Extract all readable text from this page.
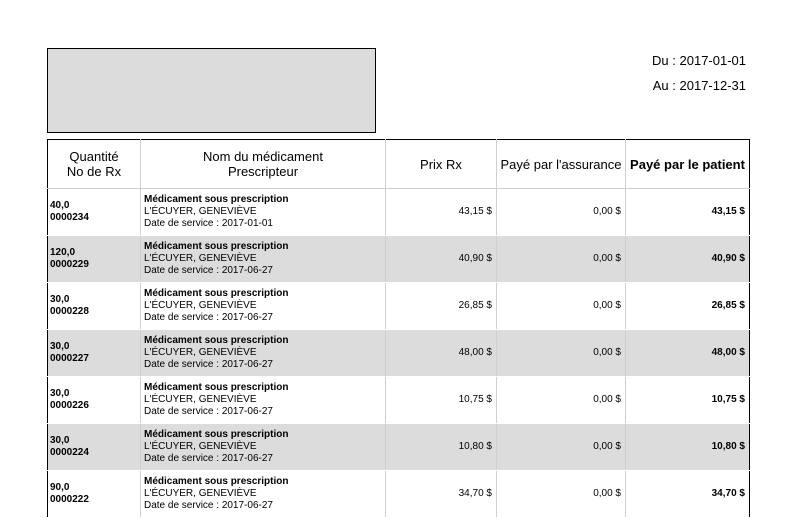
Du : 2017-01-01
Au : 2017-12-31
Quantité
No de Rx	Nom du médicament
Prescripteur	Prix Rx	Payé par l'assurance	Payé par le patient

40,0
0000234	Médicament sous prescription
L'ÉCUYER, GENEVIÈVE
Date de service : 2017-01-01	43,15 $	0,00 $	43,15 $

120,0
0000229	Médicament sous prescription
L'ÉCUYER, GENEVIÈVE
Date de service : 2017-06-27	40,90 $	0,00 $	40,90 $

30,0
0000228	Médicament sous prescription
L'ÉCUYER, GENEVIÈVE
Date de service : 2017-06-27	26,85 $	0,00 $	26,85 $

30,0
0000227	Médicament sous prescription
L'ÉCUYER, GENEVIÈVE
Date de service : 2017-06-27	48,00 $	0,00 $	48,00 $

30,0
0000226	Médicament sous prescription
L'ÉCUYER, GENEVIÈVE
Date de service : 2017-06-27	10,75 $	0,00 $	10,75 $

30,0
0000224	Médicament sous prescription
L'ÉCUYER, GENEVIÈVE
Date de service : 2017-06-27	10,80 $	0,00 $	10,80 $

90,0
0000222	Médicament sous prescription
L'ÉCUYER, GENEVIÈVE
Date de service : 2017-06-27	34,70 $	0,00 $	34,70 $
